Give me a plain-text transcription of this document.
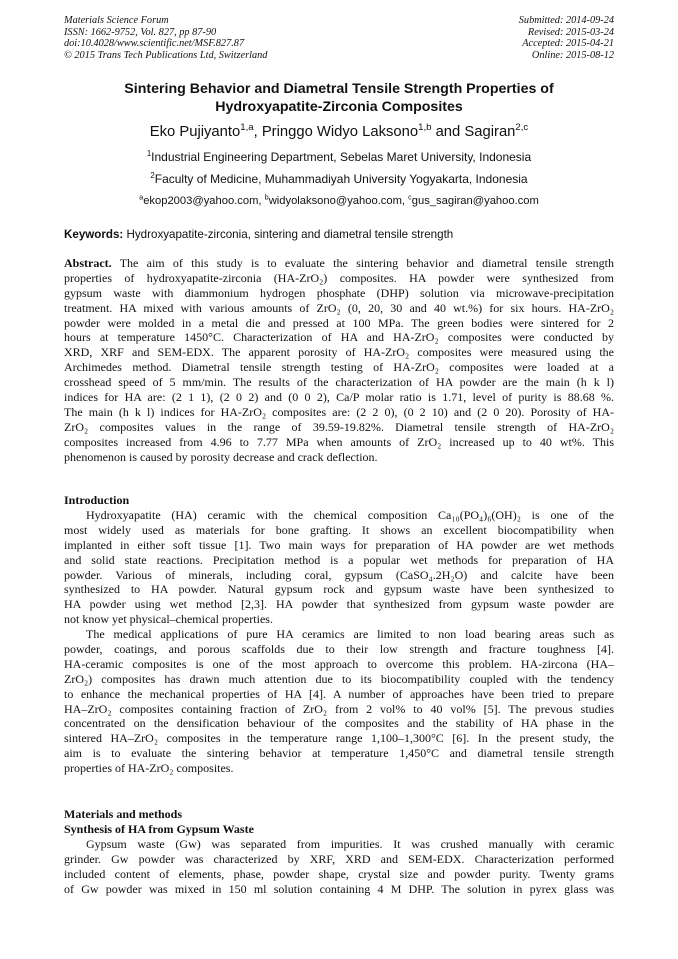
Materials Science Forum
ISSN: 1662-9752, Vol. 827, pp 87-90
doi:10.4028/www.scientific.net/MSF.827.87
© 2015 Trans Tech Publications Ltd, Switzerland
Submitted: 2014-09-24
Revised: 2015-03-24
Accepted: 2015-04-21
Online: 2015-08-12
Sintering Behavior and Diametral Tensile Strength Properties of
Hydroxyapatite-Zirconia Composites
Eko Pujiyanto$^{1,a}$, Pringgo Widyo Laksono$^{1,b}$ and Sagiran$^{2,c}$
$^1$Industrial Engineering Department, Sebelas Maret University, Indonesia
$^2$Faculty of Medicine, Muhammadiyah University Yogyakarta, Indonesia
$^a$ekop2003@yahoo.com, $^b$widyolaksono@yahoo.com, $^c$gus_sagiran@yahoo.com
Keywords: Hydroxyapatite-zirconia, sintering and diametral tensile strength
Abstract. The aim of this study is to evaluate the sintering behavior and diametral tensile strength
properties of hydroxyapatite-zirconia (HA-ZrO₂) composites. HA powder were synthesized from
gypsum waste with diammonium hydrogen phosphate (DHP) solution via microwave-precipitation
treatment. HA mixed with various amounts of ZrO₂ (0, 20, 30 and 40 wt.%) for six hours. HA-ZrO₂
powder were molded in a metal die and pressed at 100 MPa. The green bodies were sintered for 2
hours at temperature 1450°C. Characterization of HA and HA-ZrO₂ composites were conducted by
XRD, XRF and SEM-EDX. The apparent porosity of HA-ZrO₂ composites were measured using the
Archimedes method. Diametral tensile strength testing of HA-ZrO₂ composites were loaded at a
crosshead speed of 5 mm/min. The results of the characterization of HA powder are the main (h k l)
indices for HA are: (2 1 1), (2 0 2) and (0 0 2), Ca/P molar ratio is 1.71, level of purity is 88.68 %.
The main (h k l) indices for HA-ZrO₂ composites are: (2 2 0), (0 2 10) and (2 0 20). Porosity of HA-
ZrO₂ composites values in the range of 39.59-19.82%. Diametral tensile strength of HA-ZrO₂
composites increased from 4.96 to 7.77 MPa when amounts of ZrO₂ increased up to 40 wt%. This
phenomenon is caused by porosity decrease and crack deflection.
Introduction
Hydroxyapatite (HA) ceramic with the chemical composition Ca₁₀(PO₄)₆(OH)₂ is one of the
most widely used as materials for bone grafting. It shows an excellent biocompatibility when
implanted in either soft tissue [1]. Two main ways for preparation of HA powder are wet methods
and solid state reactions. Precipitation method is a popular wet methods for preparation of HA
powder. Various of minerals, including coral, gypsum (CaSO₄.2H₂O) and calcite have been
synthesized to HA powder. Natural gypsum rock and gypsum waste have been synthesized to
HA powder using wet method [2,3]. HA powder that synthesized from gypsum waste powder are
not know yet physical–chemical properties.
The medical applications of pure HA ceramics are limited to non load bearing areas such as
powder, coatings, and porous scaffolds due to their low strength and fracture toughness [4].
HA-ceramic composites is one of the most approach to overcome this problem. HA-zircona (HA–
ZrO₂) composites has drawn much attention due to its biocompatibility coupled with the tendency
to enhance the mechanical properties of HA [4]. A number of approaches have been tried to prepare
HA–ZrO₂ composites containing fraction of ZrO₂ from 2 vol% to 40 vol% [5]. The prevous studies
concentrated on the densification behaviour of the composites and the stability of HA phase in the
sintered HA–ZrO₂ composites in the temperature range 1,100–1,300°C [6]. In the present study, the
aim is to evaluate the sintering behavior at temperature 1,450°C and diametral tensile strength
properties of HA-ZrO₂ composites.
Materials and methods
Synthesis of HA from Gypsum Waste
Gypsum waste (Gw) was separated from impurities. It was crushed manually with ceramic
grinder. Gw powder was characterized by XRF, XRD and SEM-EDX. Characterization performed
included content of elements, phase, powder shape, crystal size and powder purity. Twenty grams
of Gw powder was mixed in 150 ml solution containing 4 M DHP. The solution in pyrex glass was
